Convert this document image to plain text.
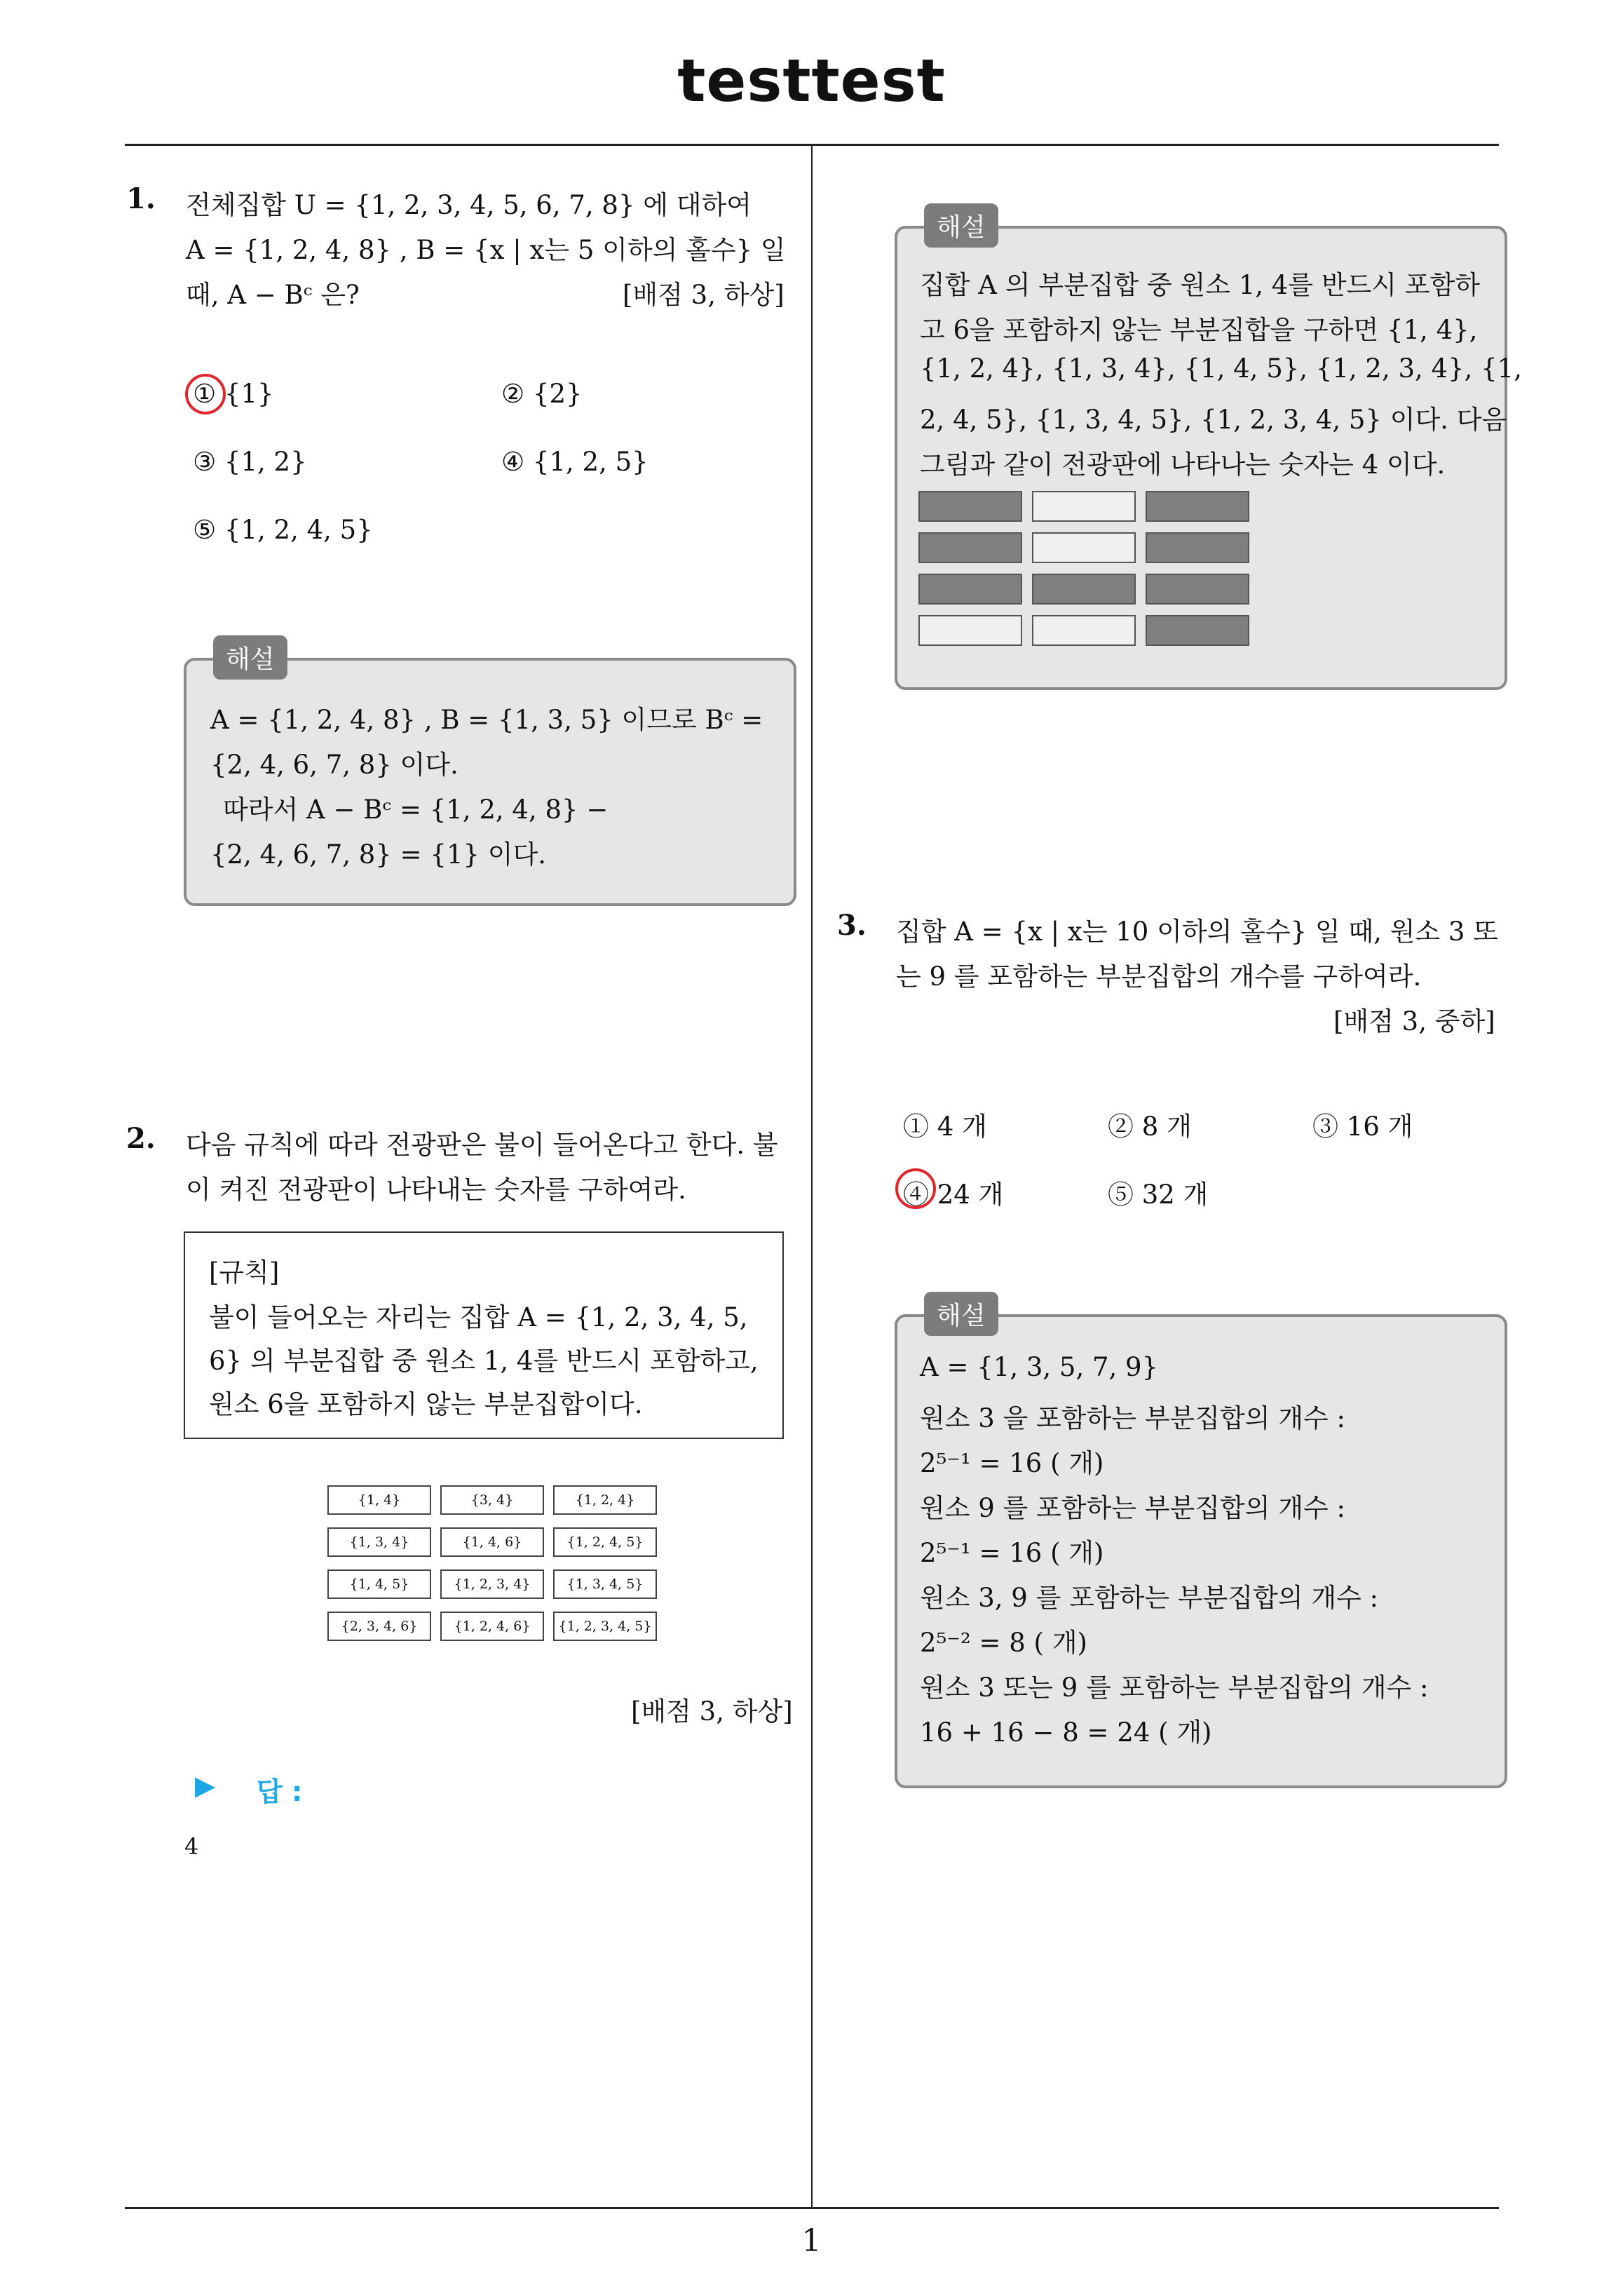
testtest
1
1. 전체집합 U = {1, 2, 3, 4, 5, 6, 7, 8} 에 대하여
A = {1, 2, 4, 8} , B = {x | x는 5 이하의 홀수} 일
때, A − Bᶜ 은?	[배점 3, 하상]
① {1}	② {2}
③ {1, 2}	④ {1, 2, 5}
⑤ {1, 2, 4, 5}
해설
A = {1, 2, 4, 8} , B = {1, 3, 5} 이므로 Bᶜ =
{2, 4, 6, 7, 8} 이다.
따라서 A − Bᶜ = {1, 2, 4, 8} −
{2, 4, 6, 7, 8} = {1} 이다.
2. 다음 규칙에 따라 전광판은 불이 들어온다고 한다. 불
이 켜진 전광판이 나타내는 숫자를 구하여라.
[규칙]
불이 들어오는 자리는 집합 A = {1, 2, 3, 4, 5,
6} 의 부분집합 중 원소 1, 4를 반드시 포함하고,
원소 6을 포함하지 않는 부분집합이다.
{1, 4}	{3, 4}	{1, 2, 4}
{1, 3, 4}	{1, 4, 6}	{1, 2, 4, 5}
{1, 4, 5}	{1, 2, 3, 4}	{1, 3, 4, 5}
{2, 3, 4, 6}	{1, 2, 4, 6}	{1, 2, 3, 4, 5}
[배점 3, 하상]
▶ 답 :
4
해설
집합 A 의 부분집합 중 원소 1, 4를 반드시 포함하
고 6을 포함하지 않는 부분집합을 구하면 {1, 4},
{1, 2, 4}, {1, 3, 4}, {1, 4, 5}, {1, 2, 3, 4}, {1,
2, 4, 5}, {1, 3, 4, 5}, {1, 2, 3, 4, 5} 이다. 다음
그림과 같이 전광판에 나타나는 숫자는 4 이다.
3. 집합 A = {x | x는 10 이하의 홀수} 일 때, 원소 3 또
는 9 를 포함하는 부분집합의 개수를 구하여라.
[배점 3, 중하]
① 4 개	② 8 개	③ 16 개
④ 24 개	⑤ 32 개
해설
A = {1, 3, 5, 7, 9}
원소 3 을 포함하는 부분집합의 개수 :
2⁵⁻¹ = 16 ( 개)
원소 9 를 포함하는 부분집합의 개수 :
2⁵⁻¹ = 16 ( 개)
원소 3, 9 를 포함하는 부분집합의 개수 :
2⁵⁻² = 8 ( 개)
원소 3 또는 9 를 포함하는 부분집합의 개수 :
16 + 16 − 8 = 24 ( 개)
